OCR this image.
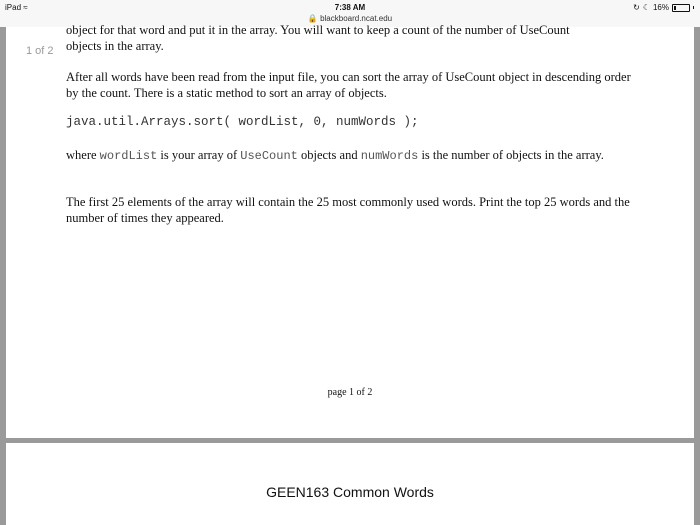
iPad ≈	7:38 AM
🔒 blackboard.ncat.edu
↻ ☾ 16%
1 of 2

object for that word and put it in the array. You will want to keep a count of the number of UseCount
objects in the array.

After all words have been read from the input file, you can sort the array of UseCount object in descending order by the count. There is a static method to sort an array of objects.

java.util.Arrays.sort( wordList, 0, numWords );

where wordList is your array of UseCount objects and numWords is the number of objects in the array.

The first 25 elements of the array will contain the 25 most commonly used words. Print the top 25 words and the number of times they appeared.

page 1 of 2
GEEN163 Common Words
